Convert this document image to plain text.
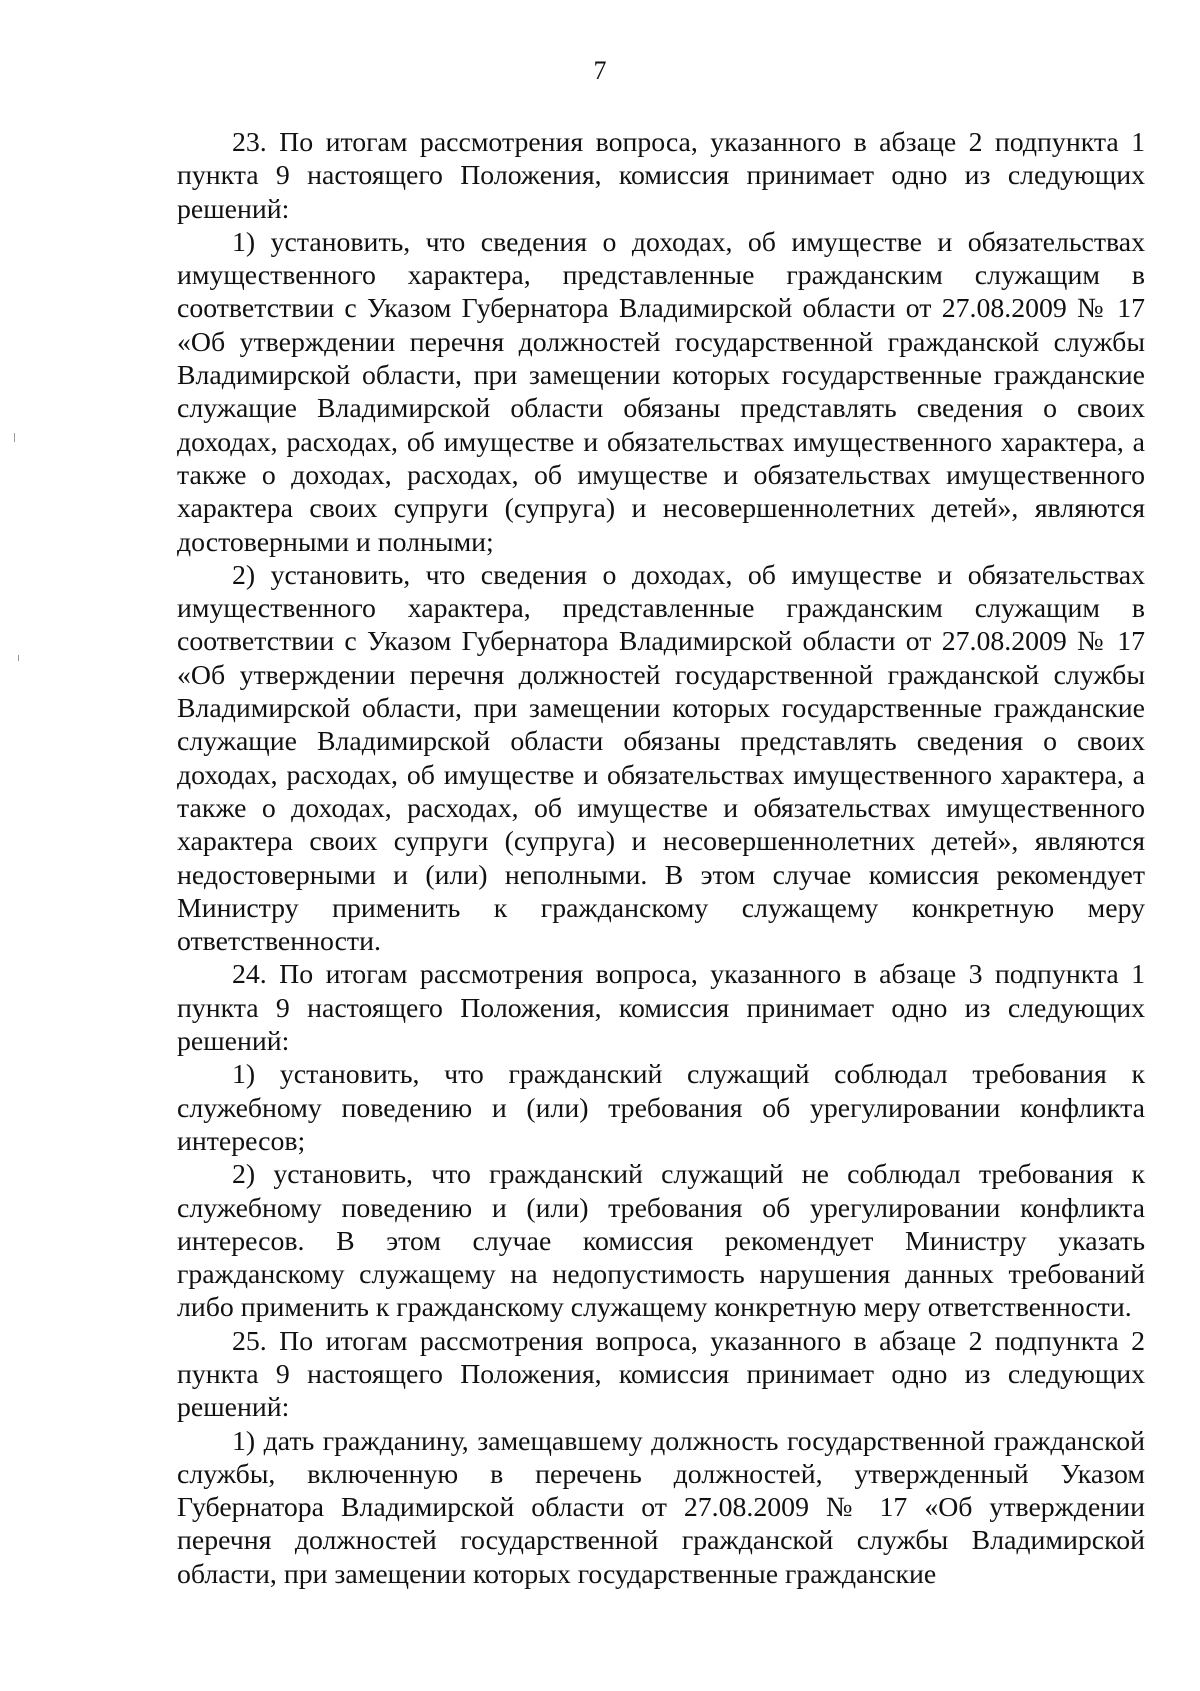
7

23. По итогам рассмотрения вопроса, указанного в абзаце 2 подпункта 1 пункта 9 настоящего Положения, комиссия принимает одно из следующих решений:

1) установить, что сведения о доходах, об имуществе и обязательствах имущественного характера, представленные гражданским служащим в соответствии с Указом Губернатора Владимирской области от 27.08.2009 № 17 «Об утверждении перечня должностей государственной гражданской службы Владимирской области, при замещении которых государственные гражданские служащие Владимирской области обязаны представлять сведения о своих доходах, расходах, об имуществе и обязательствах имущественного характера, а также о доходах, расходах, об имуществе и обязательствах имущественного характера своих супруги (супруга) и несовершеннолетних детей», являются достоверными и полными;

2) установить, что сведения о доходах, об имуществе и обязательствах имущественного характера, представленные гражданским служащим в соответствии с Указом Губернатора Владимирской области от 27.08.2009 № 17 «Об утверждении перечня должностей государственной гражданской службы Владимирской области, при замещении которых государственные гражданские служащие Владимирской области обязаны представлять сведения о своих доходах, расходах, об имуществе и обязательствах имущественного характера, а также о доходах, расходах, об имуществе и обязательствах имущественного характера своих супруги (супруга) и несовершеннолетних детей», являются недостоверными и (или) неполными. В этом случае комиссия рекомендует Министру применить к гражданскому служащему конкретную меру ответственности.

24. По итогам рассмотрения вопроса, указанного в абзаце 3 подпункта 1 пункта 9 настоящего Положения, комиссия принимает одно из следующих решений:

1) установить, что гражданский служащий соблюдал требования к служебному поведению и (или) требования об урегулировании конфликта интересов;

2) установить, что гражданский служащий не соблюдал требования к служебному поведению и (или) требования об урегулировании конфликта интересов. В этом случае комиссия рекомендует Министру указать гражданскому служащему на недопустимость нарушения данных требований либо применить к гражданскому служащему конкретную меру ответственности.

25. По итогам рассмотрения вопроса, указанного в абзаце 2 подпункта 2 пункта 9 настоящего Положения, комиссия принимает одно из следующих решений:

1) дать гражданину, замещавшему должность государственной гражданской службы, включенную в перечень должностей, утвержденный Указом Губернатора Владимирской области от 27.08.2009 № 17 «Об утверждении перечня должностей государственной гражданской службы Владимирской области, при замещении которых государственные гражданские
